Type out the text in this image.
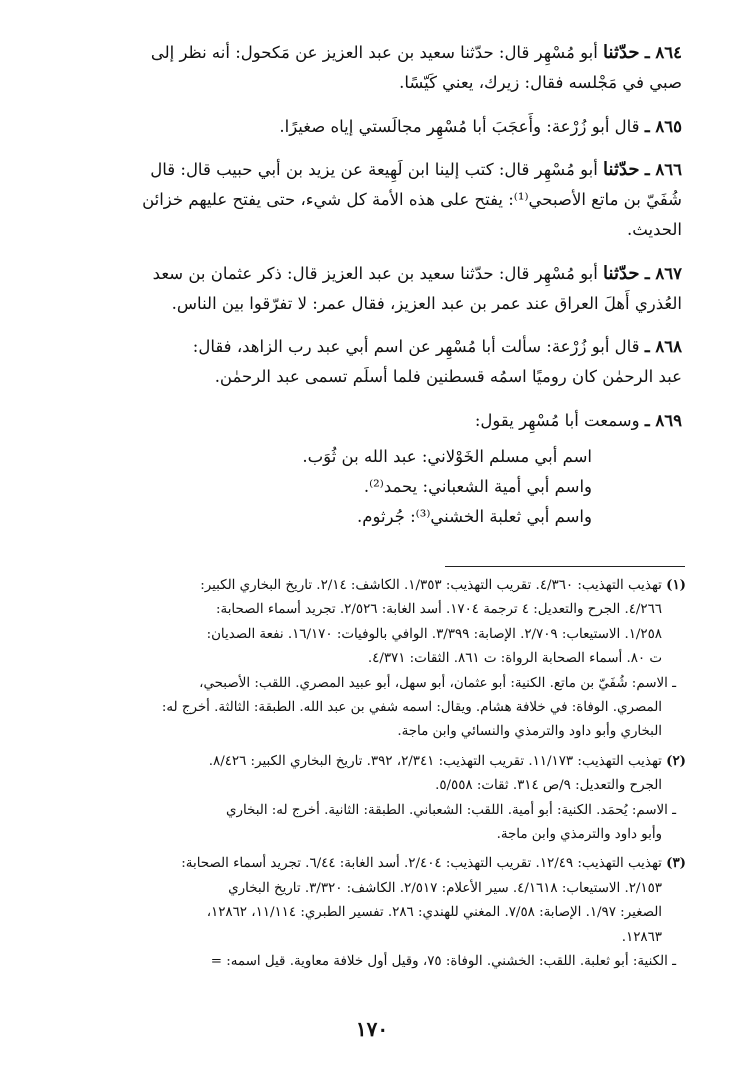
٨٦٤ ـ حدّثنا أبو مُسْهِر قال: حدّثنا سعيد بن عبد العزيز عن مَكحول: أنه نظر إلى
صبي في مَجْلسه فقال: زيرك، يعني كَيّسًا.
٨٦٥ ـ قال أبو زُرْعة: وأَعجَبَ أبا مُسْهِر مجالَستي إياه صغيرًا.
٨٦٦ ـ حدّثنا أبو مُسْهِر قال: كتب إلينا ابن لَهِيعة عن يزيد بن أبي حبيب قال: قال
شُفَيّ بن ماتع الأصبحي⁽¹⁾: يفتح على هذه الأمة كل شيء، حتى يفتح عليهم خزائن
الحديث.
٨٦٧ ـ حدّثنا أبو مُسْهِر قال: حدّثنا سعيد بن عبد العزيز قال: ذكر عثمان بن سعد
العُذري أَهلَ العراق عند عمر بن عبد العزيز، فقال عمر: لا تفرّقوا بين الناس.
٨٦٨ ـ قال أبو زُرْعة: سألت أبا مُسْهِر عن اسم أبي عبد رب الزاهد، فقال:
عبد الرحمٰن كان روميًا اسمُه قسطنين فلما أسلَم تسمى عبد الرحمٰن.
٨٦٩ ـ وسمعت أبا مُسْهِر يقول:
اسم أبي مسلم الخَوْلاني: عبد الله بن ثُوَب.
واسم أبي أمية الشعباني: يحمد⁽²⁾.
واسم أبي ثعلبة الخشني⁽³⁾: جُرثوم.
(١) تهذيب التهذيب: ٤/٣٦٠. تقريب التهذيب: ١/٣٥٣. الكاشف: ٢/١٤. تاريخ البخاري الكبير:
٤/٢٦٦. الجرح والتعديل: ٤ ترجمة ١٧٠٤. أسد الغابة: ٢/٥٢٦. تجريد أسماء الصحابة:
١/٢٥٨. الاستيعاب: ٢/٧٠٩. الإصابة: ٣/٣٩٩. الوافي بالوفيات: ١٦/١٧٠. نفعة الصديان:
ت ٨٠. أسماء الصحابة الرواة: ت ٨٦١. الثقات: ٤/٣٧١.
ـ الاسم: شُفَيّ بن ماتع. الكنية: أبو عثمان، أبو سهل، أبو عبيد المصري. اللقب: الأصبحي،
المصري. الوفاة: في خلافة هشام. ويقال: اسمه شفي بن عبد الله. الطبقة: الثالثة. أخرج له:
البخاري وأبو داود والترمذي والنسائي وابن ماجة.
(٢) تهذيب التهذيب: ١١/١٧٣. تقريب التهذيب: ٢/٣٤١، ٣٩٢. تاريخ البخاري الكبير: ٨/٤٢٦.
الجرح والتعديل: ٩/ص ٣١٤. ثقات: ٥/٥٥٨.
ـ الاسم: يُحمَد. الكنية: أبو أمية. اللقب: الشعباني. الطبقة: الثانية. أخرج له: البخاري
وأبو داود والترمذي وابن ماجة.
(٣) تهذيب التهذيب: ١٢/٤٩. تقريب التهذيب: ٢/٤٠٤. أسد الغابة: ٦/٤٤. تجريد أسماء الصحابة:
٢/١٥٣. الاستيعاب: ٤/١٦١٨. سير الأعلام: ٢/٥١٧. الكاشف: ٣/٣٢٠. تاريخ البخاري
الصغير: ١/٩٧. الإصابة: ٧/٥٨. المغني للهندي: ٢٨٦. تفسير الطبري: ١١/١١٤، ١٢٨٦٢،
١٢٨٦٣.
ـ الكنية: أبو ثعلبة. اللقب: الخشني. الوفاة: ٧٥، وقيل أول خلافة معاوية. قيل اسمه: =
١٧٠
